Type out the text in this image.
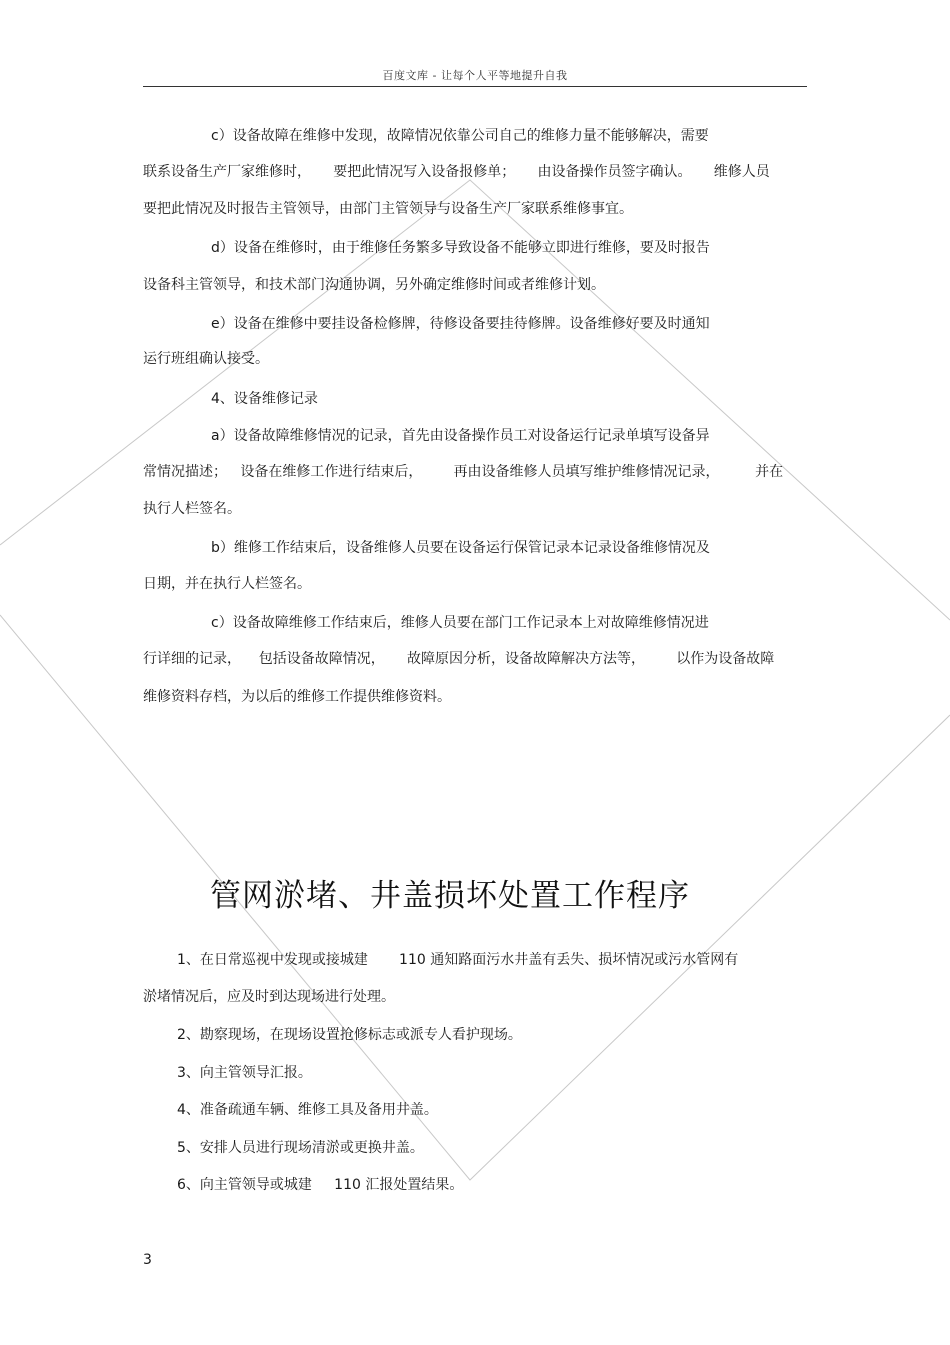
百度文库 - 让每个人平等地提升自我
c）设备故障在维修中发现，故障情况依靠公司自己的维修力量不能够解决，需要
联系设备生产厂家维修时，     要把此情况写入设备报修单；     由设备操作员签字确认。     维修人员
要把此情况及时报告主管领导，由部门主管领导与设备生产厂家联系维修事宜。
d）设备在维修时，由于维修任务繁多导致设备不能够立即进行维修，要及时报告
设备科主管领导，和技术部门沟通协调，另外确定维修时间或者维修计划。
e）设备在维修中要挂设备检修牌，待修设备要挂待修牌。设备维修好要及时通知
运行班组确认接受。
4、设备维修记录
a）设备故障维修情况的记录，首先由设备操作员工对设备运行记录单填写设备异
常情况描述；   设备在维修工作进行结束后，       再由设备维修人员填写维护维修情况记录，        并在
执行人栏签名。
b）维修工作结束后，设备维修人员要在设备运行保管记录本记录设备维修情况及
日期，并在执行人栏签名。
c）设备故障维修工作结束后，维修人员要在部门工作记录本上对故障维修情况进
行详细的记录，    包括设备故障情况，     故障原因分析，设备故障解决方法等，       以作为设备故障
维修资料存档，为以后的维修工作提供维修资料。
管网淤堵、井盖损坏处置工作程序
1、在日常巡视中发现或接城建       110 通知路面污水井盖有丢失、损坏情况或污水管网有
淤堵情况后，应及时到达现场进行处理。
2、勘察现场，在现场设置抢修标志或派专人看护现场。
3、向主管领导汇报。
4、准备疏通车辆、维修工具及备用井盖。
5、安排人员进行现场清淤或更换井盖。
6、向主管领导或城建     110 汇报处置结果。
3
